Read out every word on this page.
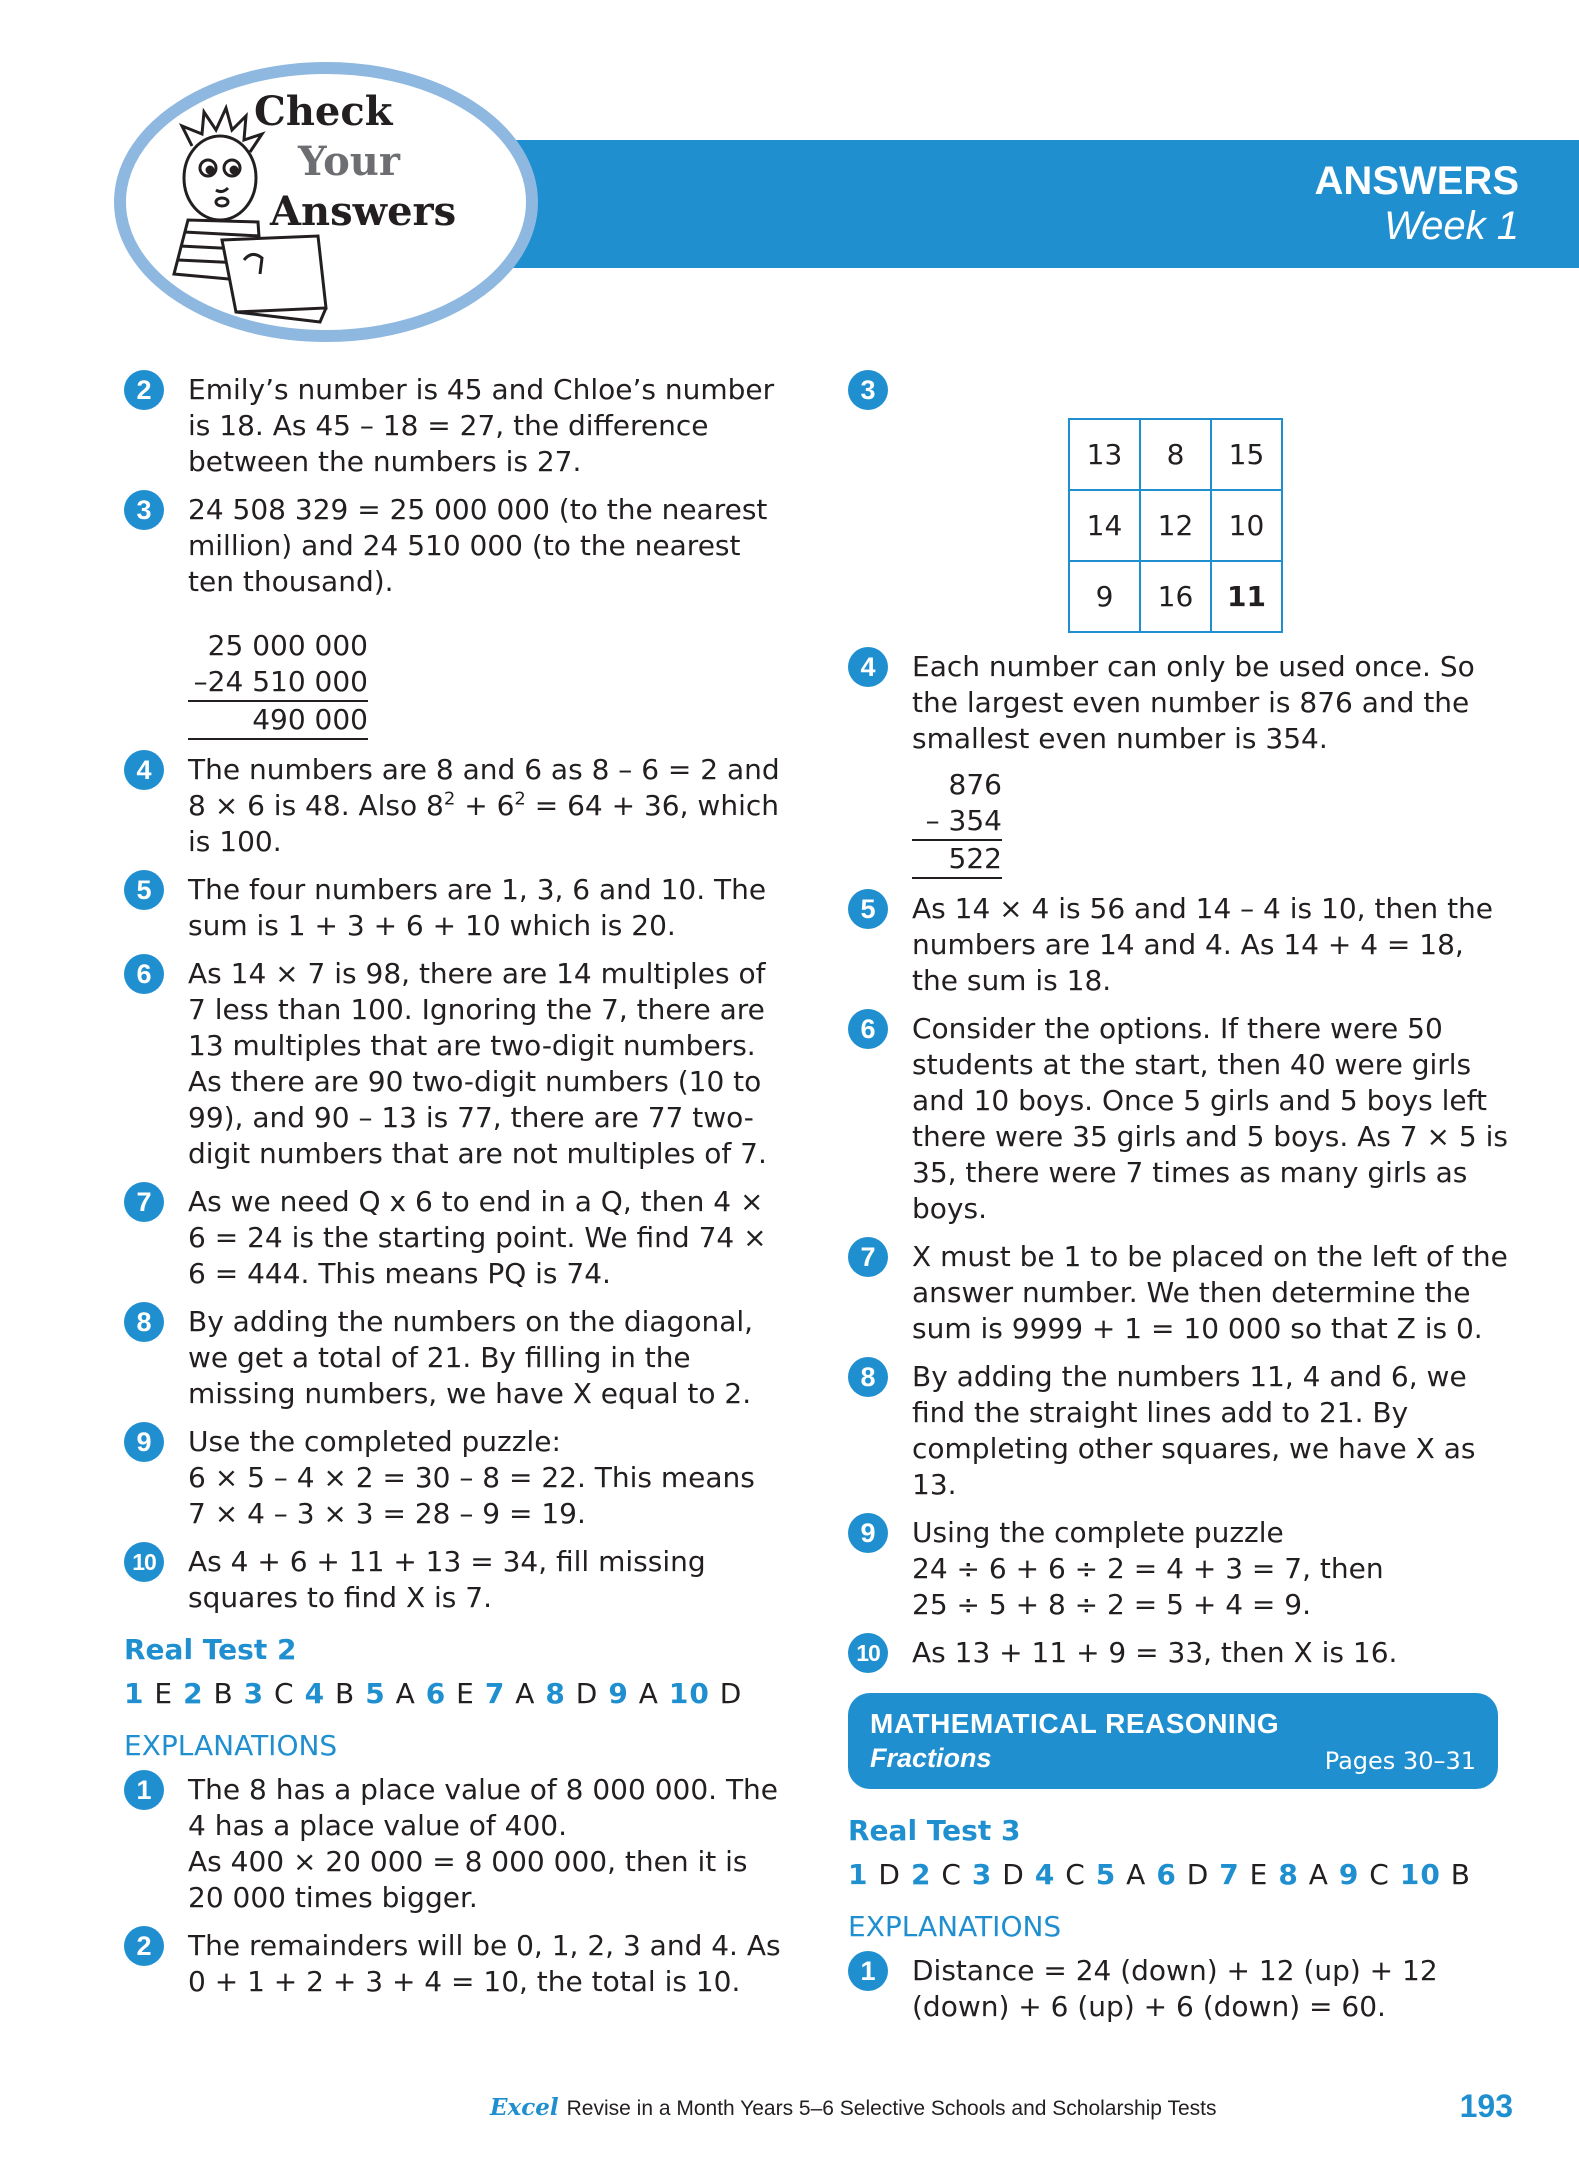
ANSWERS
Week 1
Check
Your
Answers
2	Emily’s number is 45 and Chloe’s number is 18. As 45 – 18 = 27, the difference between the numbers is 27.

3	24 508 329 = 25 000 000 (to the nearest million) and 24 510 000 (to the nearest ten thousand).

25 000 000
–24 510 000
490 000
4	The numbers are 8 and 6 as 8 – 6 = 2 and 8 × 6 is 48. Also $8^2 + 6^2 = 64 + 36$, which is 100.

5	The four numbers are 1, 3, 6 and 10. The sum is 1 + 3 + 6 + 10 which is 20.

6	As 14 × 7 is 98, there are 14 multiples of 7 less than 100. Ignoring the 7, there are 13 multiples that are two-digit numbers. As there are 90 two-digit numbers (10 to 99), and 90 – 13 is 77, there are 77 two-digit numbers that are not multiples of 7.

7	As we need Q x 6 to end in a Q, then 4 × 6 = 24 is the starting point. We find 74 × 6 = 444. This means PQ is 74.

8	By adding the numbers on the diagonal, we get a total of 21. By filling in the missing numbers, we have X equal to 2.

9	Use the completed puzzle:

6 × 5 – 4 × 2 = 30 – 8 = 22. This means

7 × 4 – 3 × 3 = 28 – 9 = 19.

10 As 4 + 6 + 11 + 13 = 34, fill missing squares to find X is 7.

Real Test 2
1 E 2 B 3 C 4 B 5 A 6 E 7 A 8 D 9 A 10 D
EXPLANATIONS
1	The 8 has a place value of 8 000 000. The

4 has a place value of 400.

As 400 × 20 000 = 8 000 000, then it is

20 000 times bigger.

2	The remainders will be 0, 1, 2, 3 and 4. As 0 + 1 + 2 + 3 + 4 = 10, the total is 10.

3

13	8	15
14	12	10
9	16	11
4	Each number can only be used once. So the largest even number is 876 and the smallest even number is 354.

876
– 354
522
5	As 14 × 4 is 56 and 14 – 4 is 10, then the numbers are 14 and 4. As 14 + 4 = 18, the sum is 18.

6	Consider the options. If there were 50 students at the start, then 40 were girls and 10 boys. Once 5 girls and 5 boys left there were 35 girls and 5 boys. As 7 × 5 is 35, there were 7 times as many girls as boys.

7	X must be 1 to be placed on the left of the answer number. We then determine the sum is 9999 + 1 = 10 000 so that Z is 0.

8	By adding the numbers 11, 4 and 6, we find the straight lines add to 21. By completing other squares, we have X as 13.

9	Using the complete puzzle

24 ÷ 6 + 6 ÷ 2 = 4 + 3 = 7, then

25 ÷ 5 + 8 ÷ 2 = 5 + 4 = 9.

10 As 13 + 11 + 9 = 33, then X is 16.

MATHEMATICAL REASONING
Fractions	Pages 30–31
Real Test 3
1 D 2 C 3 D 4 C 5 A 6 D 7 E 8 A 9 C 10 B
EXPLANATIONS
1	Distance = 24 (down) + 12 (up) + 12 (down) + 6 (up) + 6 (down) = 60.

Excel Revise in a Month Years 5–6 Selective Schools and Scholarship Tests	193
